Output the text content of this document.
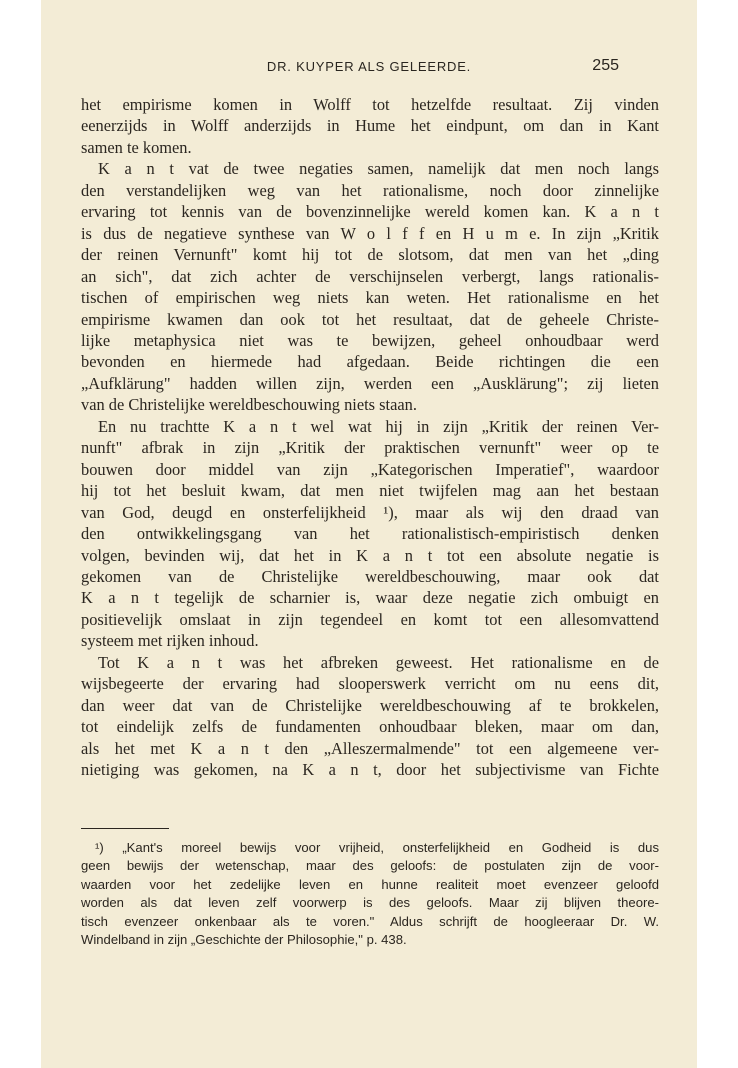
DR. KUYPER ALS GELEERDE.	255
het empirisme komen in Wolff tot hetzelfde resultaat. Zij vinden
eenerzijds in Wolff anderzijds in Hume het eindpunt, om dan in Kant
samen te komen.
K a n t vat de twee negaties samen, namelijk dat men noch langs
den verstandelijken weg van het rationalisme, noch door zinnelijke
ervaring tot kennis van de bovenzinnelijke wereld komen kan. K a n t
is dus de negatieve synthese van W o l f f en H u m e. In zijn „Kritik
der reinen Vernunft" komt hij tot de slotsom, dat men van het „ding
an sich", dat zich achter de verschijnselen verbergt, langs rationalis-
tischen of empirischen weg niets kan weten. Het rationalisme en het
empirisme kwamen dan ook tot het resultaat, dat de geheele Christe-
lijke metaphysica niet was te bewijzen, geheel onhoudbaar werd
bevonden en hiermede had afgedaan. Beide richtingen die een
„Aufklärung" hadden willen zijn, werden een „Ausklärung"; zij lieten
van de Christelijke wereldbeschouwing niets staan.
En nu trachtte K a n t wel wat hij in zijn „Kritik der reinen Ver-
nunft" afbrak in zijn „Kritik der praktischen vernunft" weer op te
bouwen door middel van zijn „Kategorischen Imperatief", waardoor
hij tot het besluit kwam, dat men niet twijfelen mag aan het bestaan
van God, deugd en onsterfelijkheid ¹), maar als wij den draad van
den ontwikkelingsgang van het rationalistisch-empiristisch denken
volgen, bevinden wij, dat het in K a n t tot een absolute negatie is
gekomen van de Christelijke wereldbeschouwing, maar ook dat
K a n t tegelijk de scharnier is, waar deze negatie zich ombuigt en
positievelijk omslaat in zijn tegendeel en komt tot een allesomvattend
systeem met rijken inhoud.
Tot K a n t was het afbreken geweest. Het rationalisme en de
wijsbegeerte der ervaring had slooperswerk verricht om nu eens dit,
dan weer dat van de Christelijke wereldbeschouwing af te brokkelen,
tot eindelijk zelfs de fundamenten onhoudbaar bleken, maar om dan,
als het met K a n t den „Alleszermalmende" tot een algemeene ver-
nietiging was gekomen, na K a n t, door het subjectivisme van Fichte
¹) „Kant's moreel bewijs voor vrijheid, onsterfelijkheid en Godheid is dus
geen bewijs der wetenschap, maar des geloofs: de postulaten zijn de voor-
waarden voor het zedelijke leven en hunne realiteit moet evenzeer geloofd
worden als dat leven zelf voorwerp is des geloofs. Maar zij blijven theore-
tisch evenzeer onkenbaar als te voren." Aldus schrijft de hoogleeraar Dr. W.
Windelband in zijn „Geschichte der Philosophie," p. 438.
